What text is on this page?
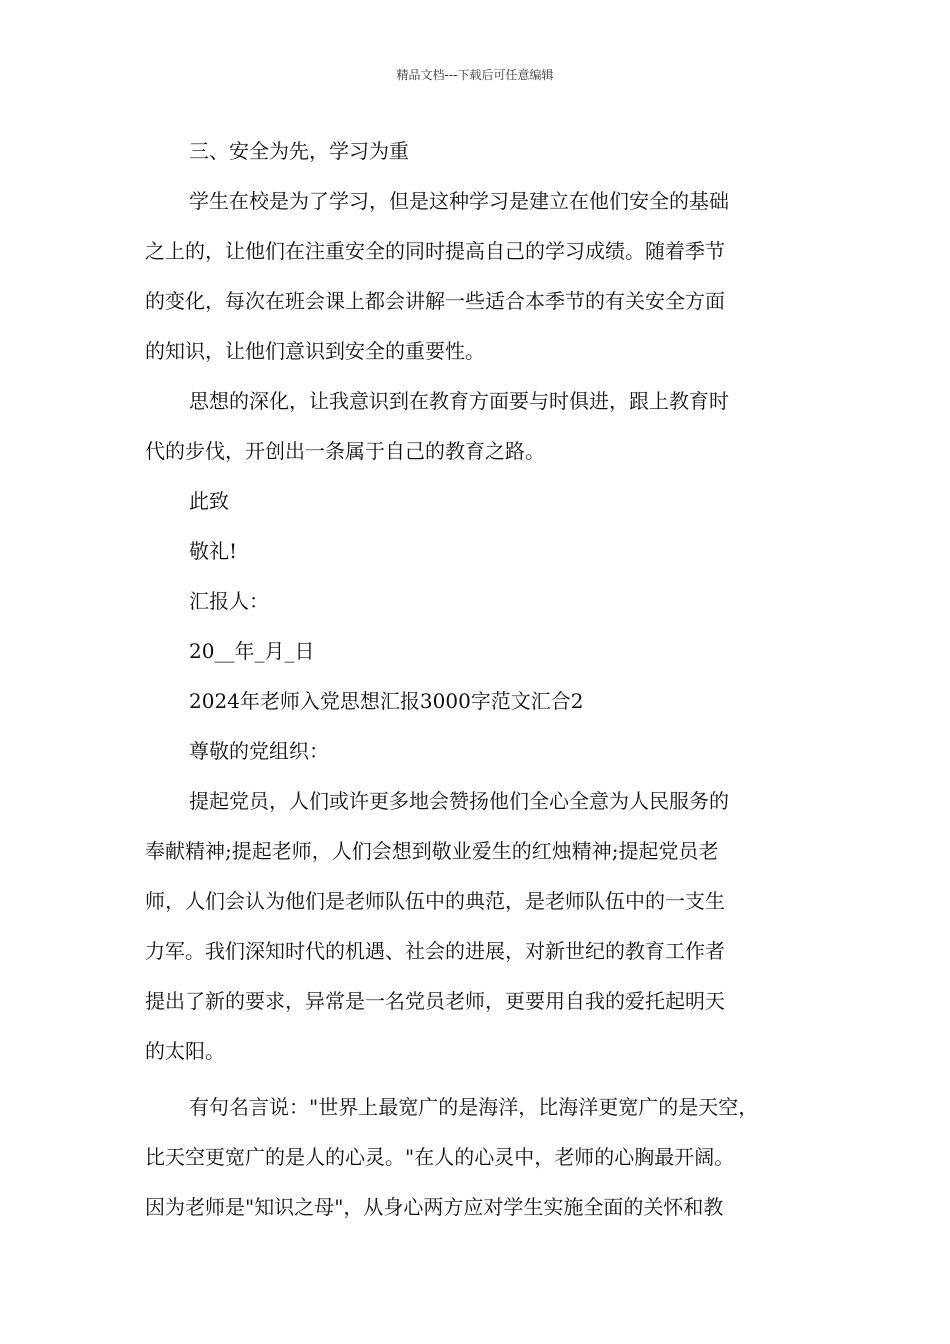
精品文档---下载后可任意编辑
三、安全为先，学习为重
学生在校是为了学习，但是这种学习是建立在他们安全的基础
之上的，让他们在注重安全的同时提高自己的学习成绩。随着季节
的变化，每次在班会课上都会讲解一些适合本季节的有关安全方面
的知识，让他们意识到安全的重要性。
思想的深化，让我意识到在教育方面要与时俱进，跟上教育时
代的步伐，开创出一条属于自己的教育之路。
此致
敬礼!
汇报人：
20__年_月_日
2024年老师入党思想汇报3000字范文汇合2
尊敬的党组织：
提起党员，人们或许更多地会赞扬他们全心全意为人民服务的
奉献精神;提起老师，人们会想到敬业爱生的红烛精神;提起党员老
师，人们会认为他们是老师队伍中的典范，是老师队伍中的一支生
力军。我们深知时代的机遇、社会的进展，对新世纪的教育工作者
提出了新的要求，异常是一名党员老师，更要用自我的爱托起明天
的太阳。
有句名言说："世界上最宽广的是海洋，比海洋更宽广的是天空，
比天空更宽广的是人的心灵。"在人的心灵中，老师的心胸最开阔。
因为老师是"知识之母"，从身心两方应对学生实施全面的关怀和教
